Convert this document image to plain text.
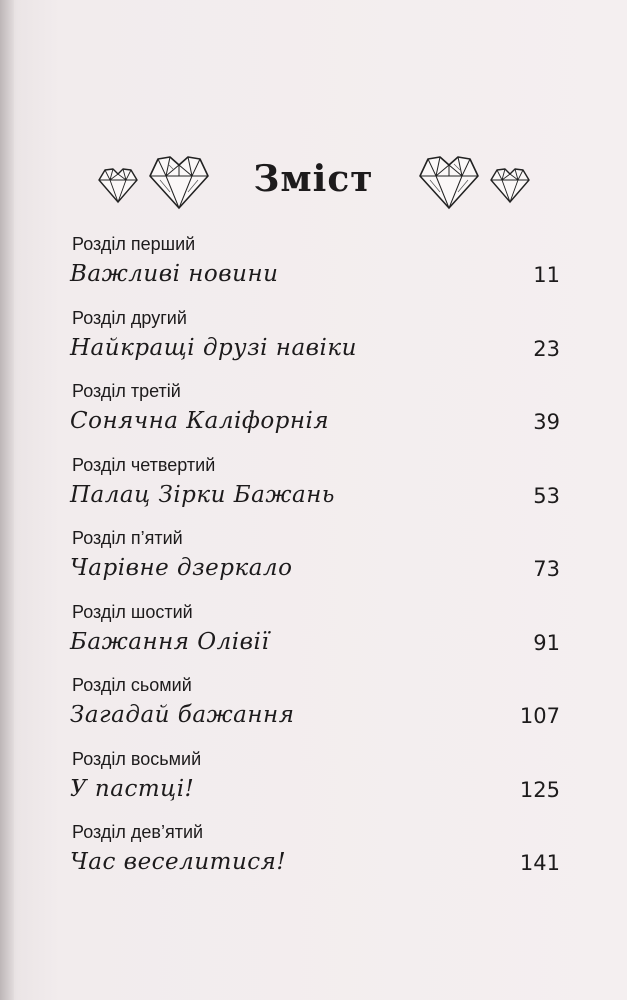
Зміст
Розділ перший
Важливі новини	11
Розділ другий
Найкращі друзі навіки	23
Розділ третій
Сонячна Каліфорнія	39
Розділ четвертий
Палац Зірки Бажань	53
Розділ п’ятий
Чарівне дзеркало	73
Розділ шостий
Бажання Олівії	91
Розділ сьомий
Загадай бажання	107
Розділ восьмий
У пастці!	125
Розділ дев’ятий
Час веселитися!	141
